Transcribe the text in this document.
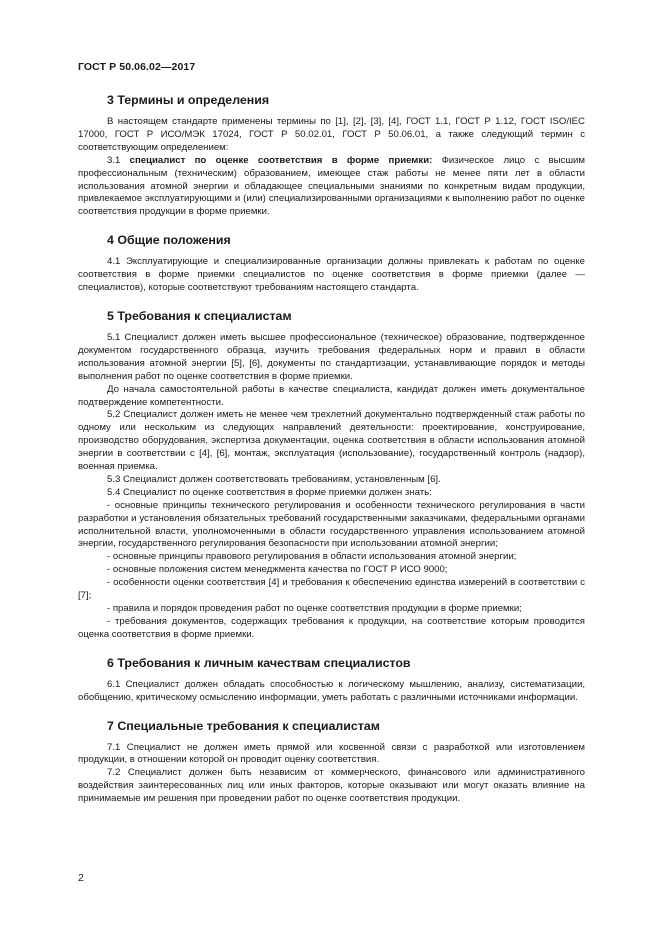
ГОСТ Р 50.06.02—2017
3 Термины и определения

В настоящем стандарте применены термины по [1], [2], [3], [4], ГОСТ 1.1, ГОСТ Р 1.12, ГОСТ ISO/IEC 17000, ГОСТ Р ИСО/МЭК 17024, ГОСТ Р 50.02.01, ГОСТ Р 50.06.01, а также следующий термин с соответствующим определением:

3.1 специалист по оценке соответствия в форме приемки: Физическое лицо с высшим профессиональным (техническим) образованием, имеющее стаж работы не менее пяти лет в области использования атомной энергии и обладающее специальными знаниями по конкретным видам продукции, привлекаемое эксплуатирующими и (или) специализированными организациями к выполнению работ по оценке соответствия продукции в форме приемки.

4 Общие положения

4.1 Эксплуатирующие и специализированные организации должны привлекать к работам по оценке соответствия в форме приемки специалистов по оценке соответствия в форме приемки (далее — специалистов), которые соответствуют требованиям настоящего стандарта.

5 Требования к специалистам

5.1 Специалист должен иметь высшее профессиональное (техническое) образование, подтвержденное документом государственного образца, изучить требования федеральных норм и правил в области использования атомной энергии [5], [6], документы по стандартизации, устанавливающие порядок и методы выполнения работ по оценке соответствия в форме приемки.

До начала самостоятельной работы в качестве специалиста, кандидат должен иметь документальное подтверждение компетентности.

5.2 Специалист должен иметь не менее чем трехлетний документально подтвержденный стаж работы по одному или нескольким из следующих направлений деятельности: проектирование, конструирование, производство оборудования, экспертиза документации, оценка соответствия в области использования атомной энергии в соответствии с [4], [6], монтаж, эксплуатация (использование), государственный контроль (надзор), военная приемка.

5.3 Специалист должен соответствовать требованиям, установленным [6].

5.4 Специалист по оценке соответствия в форме приемки должен знать:

- основные принципы технического регулирования и особенности технического регулирования в части разработки и установления обязательных требований государственными заказчиками, федеральными органами исполнительной власти, уполномоченными в области государственного управления использованием атомной энергии, государственного регулирования безопасности при использовании атомной энергии;

- основные принципы правового регулирования в области использования атомной энергии;

- основные положения систем менеджмента качества по ГОСТ Р ИСО 9000;

- особенности оценки соответствия [4] и требования к обеспечению единства измерений в соответствии с [7];

- правила и порядок проведения работ по оценке соответствия продукции в форме приемки;

- требования документов, содержащих требования к продукции, на соответствие которым проводится оценка соответствия в форме приемки.

6 Требования к личным качествам специалистов

6.1 Специалист должен обладать способностью к логическому мышлению, анализу, систематизации, обобщению, критическому осмыслению информации, уметь работать с различными источниками информации.

7 Специальные требования к специалистам

7.1 Специалист не должен иметь прямой или косвенной связи с разработкой или изготовлением продукции, в отношении которой он проводит оценку соответствия.

7.2 Специалист должен быть независим от коммерческого, финансового или административного воздействия заинтересованных лиц или иных факторов, которые оказывают или могут оказать влияние на принимаемые им решения при проведении работ по оценке соответствия продукции.

2
